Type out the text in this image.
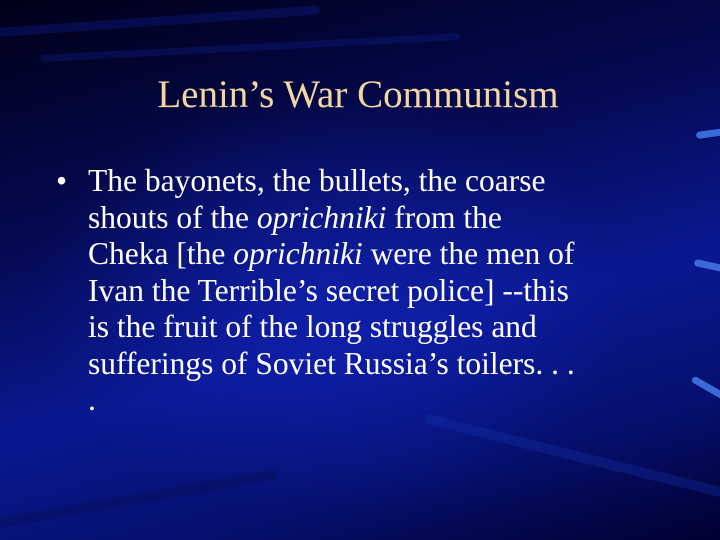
Lenin’s War Communism
• The bayonets, the bullets, the coarse
shouts of the oprichniki from the
Cheka [the oprichniki were the men of
Ivan the Terrible’s secret police] --this
is the fruit of the long struggles and
sufferings of Soviet Russia’s toilers. . .
.
